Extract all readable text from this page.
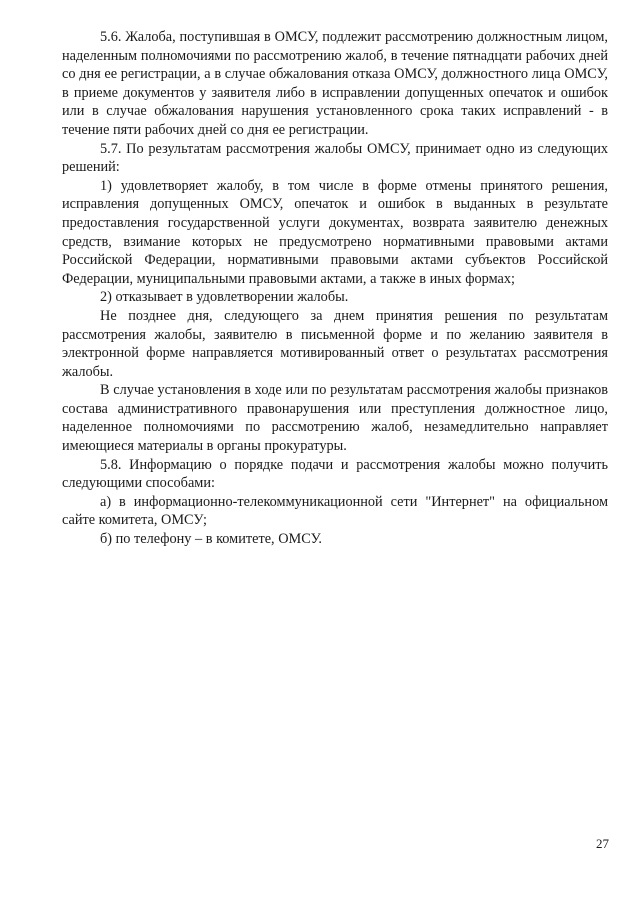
5.6. Жалоба, поступившая в ОМСУ, подлежит рассмотрению должностным лицом, наделенным полномочиями по рассмотрению жалоб, в течение пятнадцати рабочих дней со дня ее регистрации, а в случае обжалования отказа ОМСУ, должностного лица ОМСУ, в приеме документов у заявителя либо в исправлении допущенных опечаток и ошибок или в случае обжалования нарушения установленного срока таких исправлений - в течение пяти рабочих дней со дня ее регистрации.

5.7. По результатам рассмотрения жалобы ОМСУ, принимает одно из следующих решений:

1) удовлетворяет жалобу, в том числе в форме отмены принятого решения, исправления допущенных ОМСУ, опечаток и ошибок в выданных в результате предоставления государственной услуги документах, возврата заявителю денежных средств, взимание которых не предусмотрено нормативными правовыми актами Российской Федерации, нормативными правовыми актами субъектов Российской Федерации, муниципальными правовыми актами, а также в иных формах;

2) отказывает в удовлетворении жалобы.

Не позднее дня, следующего за днем принятия решения по результатам рассмотрения жалобы, заявителю в письменной форме и по желанию заявителя в электронной форме направляется мотивированный ответ о результатах рассмотрения жалобы.

В случае установления в ходе или по результатам рассмотрения жалобы признаков состава административного правонарушения или преступления должностное лицо, наделенное полномочиями по рассмотрению жалоб, незамедлительно направляет имеющиеся материалы в органы прокуратуры.

5.8. Информацию о порядке подачи и рассмотрения жалобы можно получить следующими способами:

а) в информационно-телекоммуникационной сети "Интернет" на официальном сайте комитета, ОМСУ;

б) по телефону – в комитете, ОМСУ.

27
